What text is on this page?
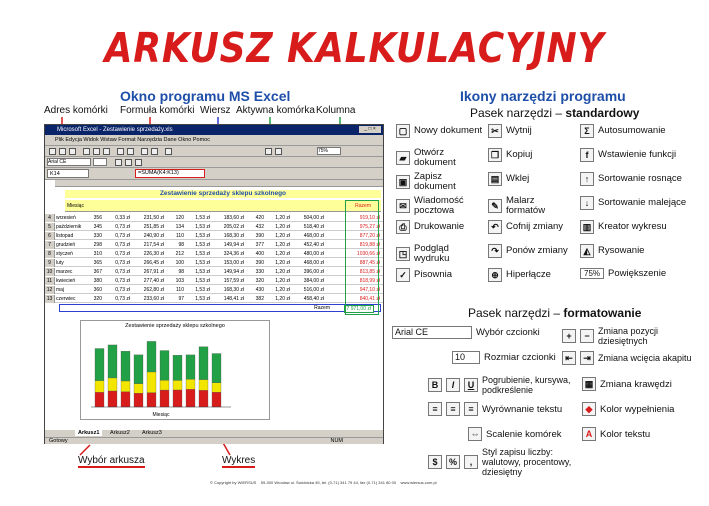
ARKUSZ KALKULACYJNY
Okno programu MS Excel	Ikony narzędzi programu
Adres komórki Formuła komórki Wiersz Aktywna komórka Kolumna
Microsoft Excel - Zestawienie sprzedaży.xls	_ □ ×
Plik Edycja Widok Wstaw Format Narzędzia Dane Okno Pomoc
75%
Arial CE
K14	=SUMA(K4:K13)
Zestawienie sprzedaży sklepu szkolnego
Miesiąc	Razem
4	wrzesień	356	0,33 zł	231,50 zł	120	1,53 zł	183,60 zł	420	1,20 zł	504,00 zł	919,10 zł
5	październik	345	0,73 zł	251,85 zł	134	1,53 zł	205,02 zł	432	1,20 zł	518,40 zł	975,27 zł
6	listopad	330	0,73 zł	240,90 zł	110	1,53 zł	168,30 zł	390	1,20 zł	468,00 zł	877,20 zł
7	grudzień	298	0,73 zł	217,54 zł	98	1,53 zł	149,94 zł	377	1,20 zł	452,40 zł	819,88 zł
8	styczeń	310	0,73 zł	226,30 zł	212	1,53 zł	324,36 zł	400	1,20 zł	480,00 zł	1030,66 zł
9	luty	365	0,73 zł	266,45 zł	100	1,53 zł	153,00 zł	390	1,20 zł	468,00 zł	887,45 zł
10 marzec	367	0,73 zł	267,91 zł	98	1,53 zł	149,94 zł	330	1,20 zł	396,00 zł	813,85 zł
11 kwiecień	380	0,73 zł	277,40 zł	103	1,53 zł	157,59 zł	320	1,20 zł	384,00 zł	818,99 zł
12 maj	360	0,73 zł	262,80 zł	110	1,53 zł	168,30 zł	430	1,20 zł	516,00 zł	947,10 zł
13 czerwiec	320	0,73 zł	233,60 zł	97	1,53 zł	148,41 zł	382	1,20 zł	458,40 zł	840,41 zł
7 971,00 zł
Razem
Zestawienie sprzedaży sklepu szkolnego
Miesiąc
Arkusz1	Arkusz2	Arkusz3
Gotowy	NUM
Wybór arkusza	Wykres
Pasek narzędzi – standardowy
▢ Nowy dokument
▰ Otwórz dokument
▣ Zapisz dokument
✉ Wiadomość pocztowa
⎙ Drukowanie
◳ Podgląd wydruku
✓ Pisownia
✂ Wytnij
❐ Kopiuj
▤ Wklej
✎ Malarz formatów
↶ Cofnij zmiany
↷ Ponów zmiany
⊕ Hiperłącze
Σ Autosumowanie
f	Wstawienie funkcji
↑ Sortowanie rosnące
↓ Sortowanie malejące
▥ Kreator wykresu
◭ Rysowanie
75% Powiększenie
Pasek narzędzi – formatowanie
Arial CE	Wybór czcionki
10	Rozmiar czcionki
B	I	U Pogrubienie, kursywa, podkreślenie
≡	≡	≡ Wyrównanie tekstu
⇔ Scalenie komórek
$	%	,
Styl zapisu liczby: walutowy, procentowy, dziesiętny
+	− Zmiana pozycji dziesiętnych
⇤	⇥ Zmiana wcięcia akapitu
▦ Zmiana krawędzi
◆ Kolor wypełnienia
A Kolor tekstu
© Copyright by WIERSUS 59-300 Wrocław ul. Świdnicka 45, tel. (0-71) 341 79 44, fax (0-71) 341 80 00 www.wiersus.com.pl
